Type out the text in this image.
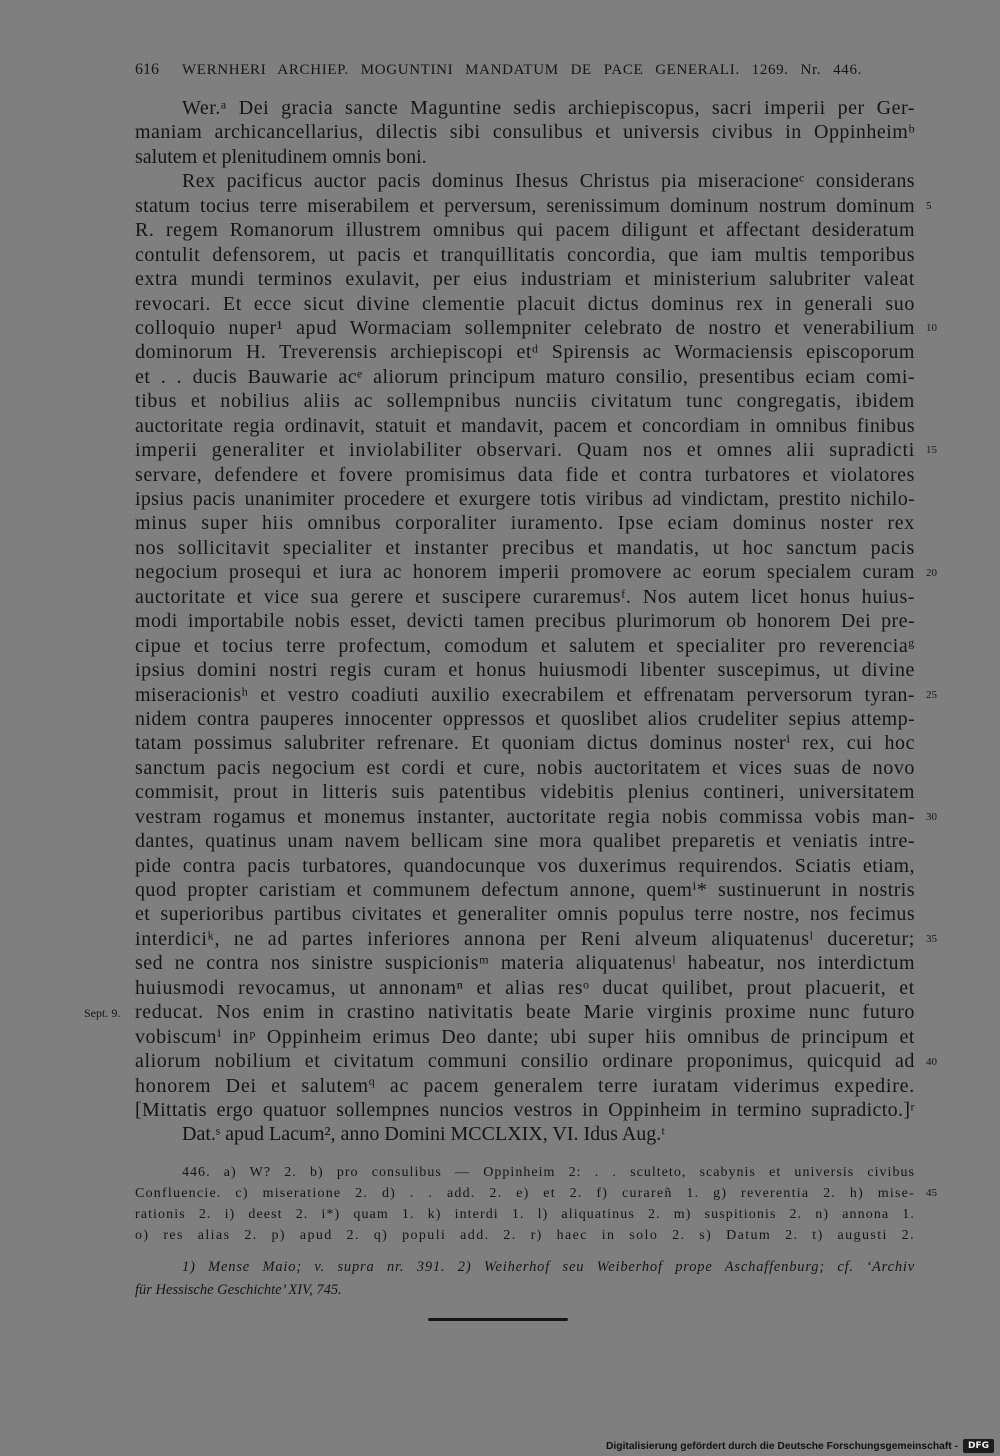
616 WERNHERI ARCHIEP. MOGUNTINI MANDATUM DE PACE GENERALI. 1269. Nr. 446.
Wer.ᵃ Dei gracia sancte Maguntine sedis archiepiscopus, sacri imperii per Ger-
maniam archicancellarius, dilectis sibi consulibus et universis civibus in Oppinheimᵇ
salutem et plenitudinem omnis boni.
Rex pacificus auctor pacis dominus Ihesus Christus pia miseracioneᶜ considerans
statum tocius terre miserabilem et perversum, serenissimum dominum nostrum dominum
R. regem Romanorum illustrem omnibus qui pacem diligunt et affectant desideratum
contulit defensorem, ut pacis et tranquillitatis concordia, que iam multis temporibus
extra mundi terminos exulavit, per eius industriam et ministerium salubriter valeat
revocari. Et ecce sicut divine clementie placuit dictus dominus rex in generali suo
colloquio nuper¹ apud Wormaciam sollempniter celebrato de nostro et venerabilium
dominorum H. Treverensis archiepiscopi etᵈ Spirensis ac Wormaciensis episcoporum
et . . ducis Bauwarie acᵉ aliorum principum maturo consilio, presentibus eciam comi-
tibus et nobilius aliis ac sollempnibus nunciis civitatum tunc congregatis, ibidem
auctoritate regia ordinavit, statuit et mandavit, pacem et concordiam in omnibus finibus
imperii generaliter et inviolabiliter observari. Quam nos et omnes alii supradicti
servare, defendere et fovere promisimus data fide et contra turbatores et violatores
ipsius pacis unanimiter procedere et exurgere totis viribus ad vindictam, prestito nichilo-
minus super hiis omnibus corporaliter iuramento. Ipse eciam dominus noster rex
nos sollicitavit specialiter et instanter precibus et mandatis, ut hoc sanctum pacis
negocium prosequi et iura ac honorem imperii promovere ac eorum specialem curam
auctoritate et vice sua gerere et suscipere curaremusᶠ. Nos autem licet honus huius-
modi importabile nobis esset, devicti tamen precibus plurimorum ob honorem Dei pre-
cipue et tocius terre profectum, comodum et salutem et specialiter pro reverenciaᵍ
ipsius domini nostri regis curam et honus huiusmodi libenter suscepimus, ut divine
miseracionisʰ et vestro coadiuti auxilio execrabilem et effrenatam perversorum tyran-
nidem contra pauperes innocenter oppressos et quoslibet alios crudeliter sepius attemp-
tatam possimus salubriter refrenare. Et quoniam dictus dominus nosterⁱ rex, cui hoc
sanctum pacis negocium est cordi et cure, nobis auctoritatem et vices suas de novo
commisit, prout in litteris suis patentibus videbitis plenius contineri, universitatem
vestram rogamus et monemus instanter, auctoritate regia nobis commissa vobis man-
dantes, quatinus unam navem bellicam sine mora qualibet preparetis et veniatis intre-
pide contra pacis turbatores, quandocunque vos duxerimus requirendos. Sciatis etiam,
quod propter caristiam et communem defectum annone, quemⁱ* sustinuerunt in nostris
et superioribus partibus civitates et generaliter omnis populus terre nostre, nos fecimus
interdiciᵏ, ne ad partes inferiores annona per Reni alveum aliquatenusˡ duceretur;
sed ne contra nos sinistre suspicionisᵐ materia aliquatenusˡ habeatur, nos interdictum
huiusmodi revocamus, ut annonamⁿ et alias resᵒ ducat quilibet, prout placuerit, et
reducat. Nos enim in crastino nativitatis beate Marie virginis proxime nunc futuro
vobiscumⁱ inᵖ Oppinheim erimus Deo dante; ubi super hiis omnibus de principum et
aliorum nobilium et civitatum communi consilio ordinare proponimus, quicquid ad
honorem Dei et salutem$^q$ ac pacem generalem terre iuratam viderimus expedire.
[Mittatis ergo quatuor sollempnes nuncios vestros in Oppinheim in termino supradicto.]ʳ
Dat.ˢ apud Lacum², anno Domini MCCLXIX, VI. Idus Aug.ᵗ
5
10
15
20
25
30
35
40
45
Sept. 9.
446. a) W? 2. b) pro consulibus — Oppinheim 2: . . sculteto, scabynis et universis civibus
Confluencie. c) miseratione 2. d) . . add. 2. e) et 2. f) curareñ 1. g) reverentia 2. h) mise-
rationis 2. i) deest 2. i*) quam 1. k) interdi 1. l) aliquatinus 2. m) suspitionis 2. n) annona 1.
o) res alias 2. p) apud 2. q) populi add. 2. r) haec in solo 2. s) Datum 2. t) augusti 2.
1) Mense Maio; v. supra nr. 391. 2) Weiherhof seu Weiberhof prope Aschaffenburg; cf. ‘Archiv
für Hessische Geschichte’ XIV, 745.
Digitalisierung gefördert durch die Deutsche Forschungsgemeinschaft -	DFG
